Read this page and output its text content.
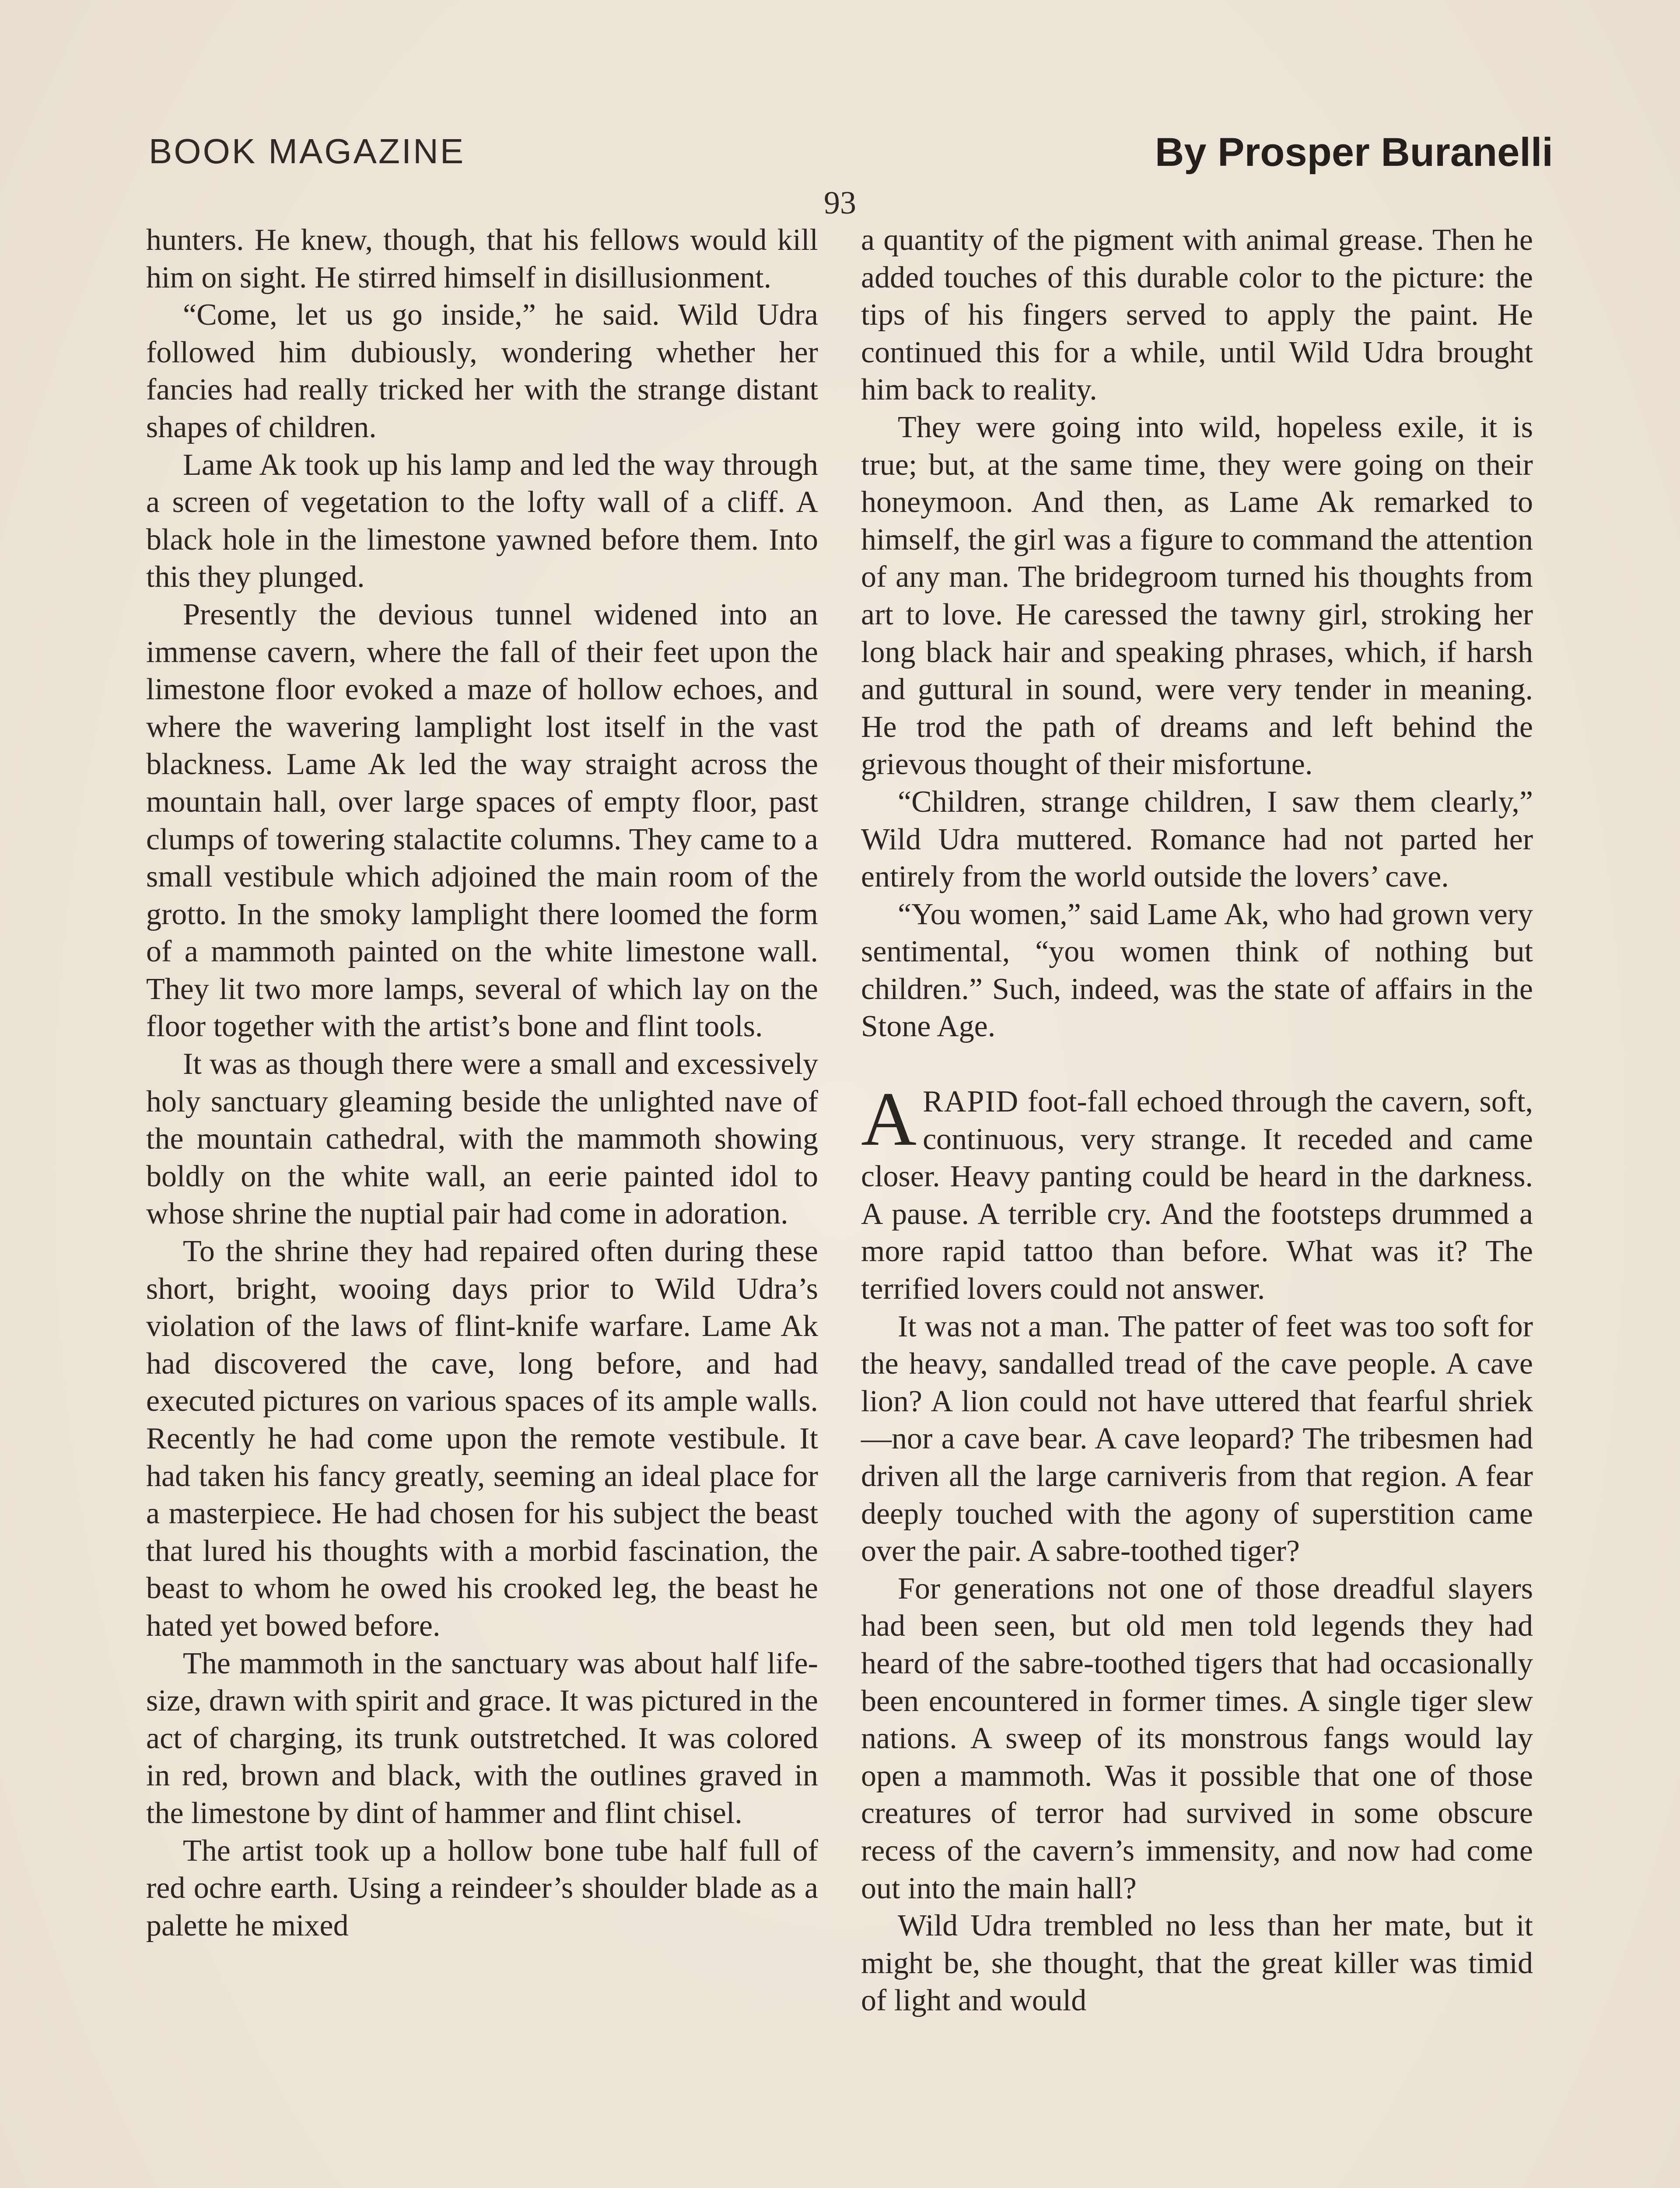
BOOK MAGAZINE	By Prosper Buranelli
93

hunters. He knew, though, that his fellows would kill him on sight. He stirred himself in disillusionment.

“Come, let us go inside,” he said. Wild Udra followed him dubiously, wondering whether her fancies had really tricked her with the strange distant shapes of children.

Lame Ak took up his lamp and led the way through a screen of vegetation to the lofty wall of a cliff. A black hole in the limestone yawned before them. Into this they plunged.

Presently the devious tunnel widened into an immense cavern, where the fall of their feet upon the limestone floor evoked a maze of hollow echoes, and where the wavering lamplight lost itself in the vast blackness. Lame Ak led the way straight across the mountain hall, over large spaces of empty floor, past clumps of towering stalactite columns. They came to a small vestibule which adjoined the main room of the grotto. In the smoky lamplight there loomed the form of a mammoth painted on the white limestone wall. They lit two more lamps, several of which lay on the floor together with the artist’s bone and flint tools.

It was as though there were a small and excessively holy sanctuary gleaming beside the unlighted nave of the mountain cathedral, with the mammoth showing boldly on the white wall, an eerie painted idol to whose shrine the nuptial pair had come in adoration.

To the shrine they had repaired often during these short, bright, wooing days prior to Wild Udra’s violation of the laws of flint-knife warfare. Lame Ak had discovered the cave, long before, and had executed pictures on various spaces of its ample walls. Recently he had come upon the remote vestibule. It had taken his fancy greatly, seeming an ideal place for a masterpiece. He had chosen for his subject the beast that lured his thoughts with a morbid fascination, the beast to whom he owed his crooked leg, the beast he hated yet bowed before.

The mammoth in the sanctuary was about half life-size, drawn with spirit and grace. It was pictured in the act of charging, its trunk outstretched. It was colored in red, brown and black, with the outlines graved in the limestone by dint of hammer and flint chisel.

The artist took up a hollow bone tube half full of red ochre earth. Using a reindeer’s shoulder blade as a palette he mixed

a quantity of the pigment with animal grease. Then he added touches of this durable color to the picture: the tips of his fingers served to apply the paint. He continued this for a while, until Wild Udra brought him back to reality.

They were going into wild, hopeless exile, it is true; but, at the same time, they were going on their honeymoon. And then, as Lame Ak remarked to himself, the girl was a figure to command the attention of any man. The bridegroom turned his thoughts from art to love. He caressed the tawny girl, stroking her long black hair and speaking phrases, which, if harsh and guttural in sound, were very tender in meaning. He trod the path of dreams and left behind the grievous thought of their misfortune.

“Children, strange children, I saw them clearly,” Wild Udra muttered. Romance had not parted her entirely from the world outside the lovers’ cave.

“You women,” said Lame Ak, who had grown very sentimental, “you women think of nothing but children.” Such, indeed, was the state of affairs in the Stone Age.

ARAPID foot-fall echoed through the cavern, soft, continuous, very strange. It receded and came closer. Heavy panting could be heard in the darkness. A pause. A terrible cry. And the footsteps drummed a more rapid tattoo than before. What was it? The terrified lovers could not answer.

It was not a man. The patter of feet was too soft for the heavy, sandalled tread of the cave people. A cave lion? A lion could not have uttered that fearful shriek —nor a cave bear. A cave leopard? The tribesmen had driven all the large carniveris from that region. A fear deeply touched with the agony of superstition came over the pair. A sabre-toothed tiger?

For generations not one of those dreadful slayers had been seen, but old men told legends they had heard of the sabre-toothed tigers that had occasionally been encountered in former times. A single tiger slew nations. A sweep of its monstrous fangs would lay open a mammoth. Was it possible that one of those creatures of terror had survived in some obscure recess of the cavern’s immensity, and now had come out into the main hall?

Wild Udra trembled no less than her mate, but it might be, she thought, that the great killer was timid of light and would
